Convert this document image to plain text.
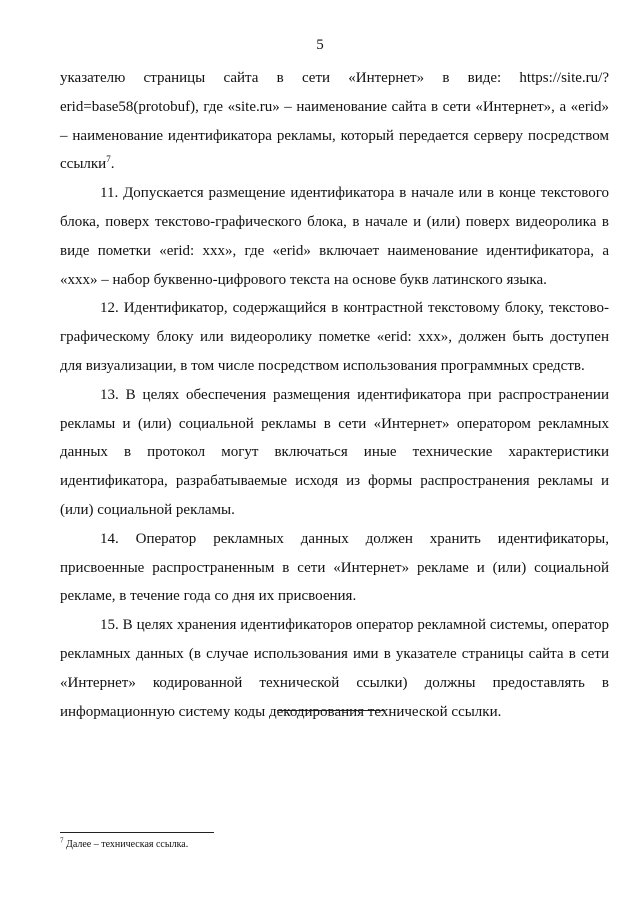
5

указателю страницы сайта в сети «Интернет» в виде: https://site.ru/?erid=base58(protobuf), где «site.ru» – наименование сайта в сети «Интернет», а «erid» – наименование идентификатора рекламы, который передается серверу посредством ссылки$^7$.

11. Допускается размещение идентификатора в начале или в конце текстового блока, поверх текстово-графического блока, в начале и (или) поверх видеоролика в виде пометки «erid: xxx», где «erid» включает наименование идентификатора, а «xxx» – набор буквенно-цифрового текста на основе букв латинского языка.

12. Идентификатор, содержащийся в контрастной текстовому блоку, текстово-графическому блоку или видеоролику пометке «erid: xxx», должен быть доступен для визуализации, в том числе посредством использования программных средств.

13. В целях обеспечения размещения идентификатора при распространении рекламы и (или) социальной рекламы в сети «Интернет» оператором рекламных данных в протокол могут включаться иные технические характеристики идентификатора, разрабатываемые исходя из формы распространения рекламы и (или) социальной рекламы.

14. Оператор рекламных данных должен хранить идентификаторы, присвоенные распространенным в сети «Интернет» рекламе и (или) социальной рекламе, в течение года со дня их присвоения.

15. В целях хранения идентификаторов оператор рекламной системы, оператор рекламных данных (в случае использования ими в указателе страницы сайта в сети «Интернет» кодированной технической ссылки) должны предоставлять в информационную систему коды декодирования технической ссылки.

$^7$ Далее – техническая ссылка.
